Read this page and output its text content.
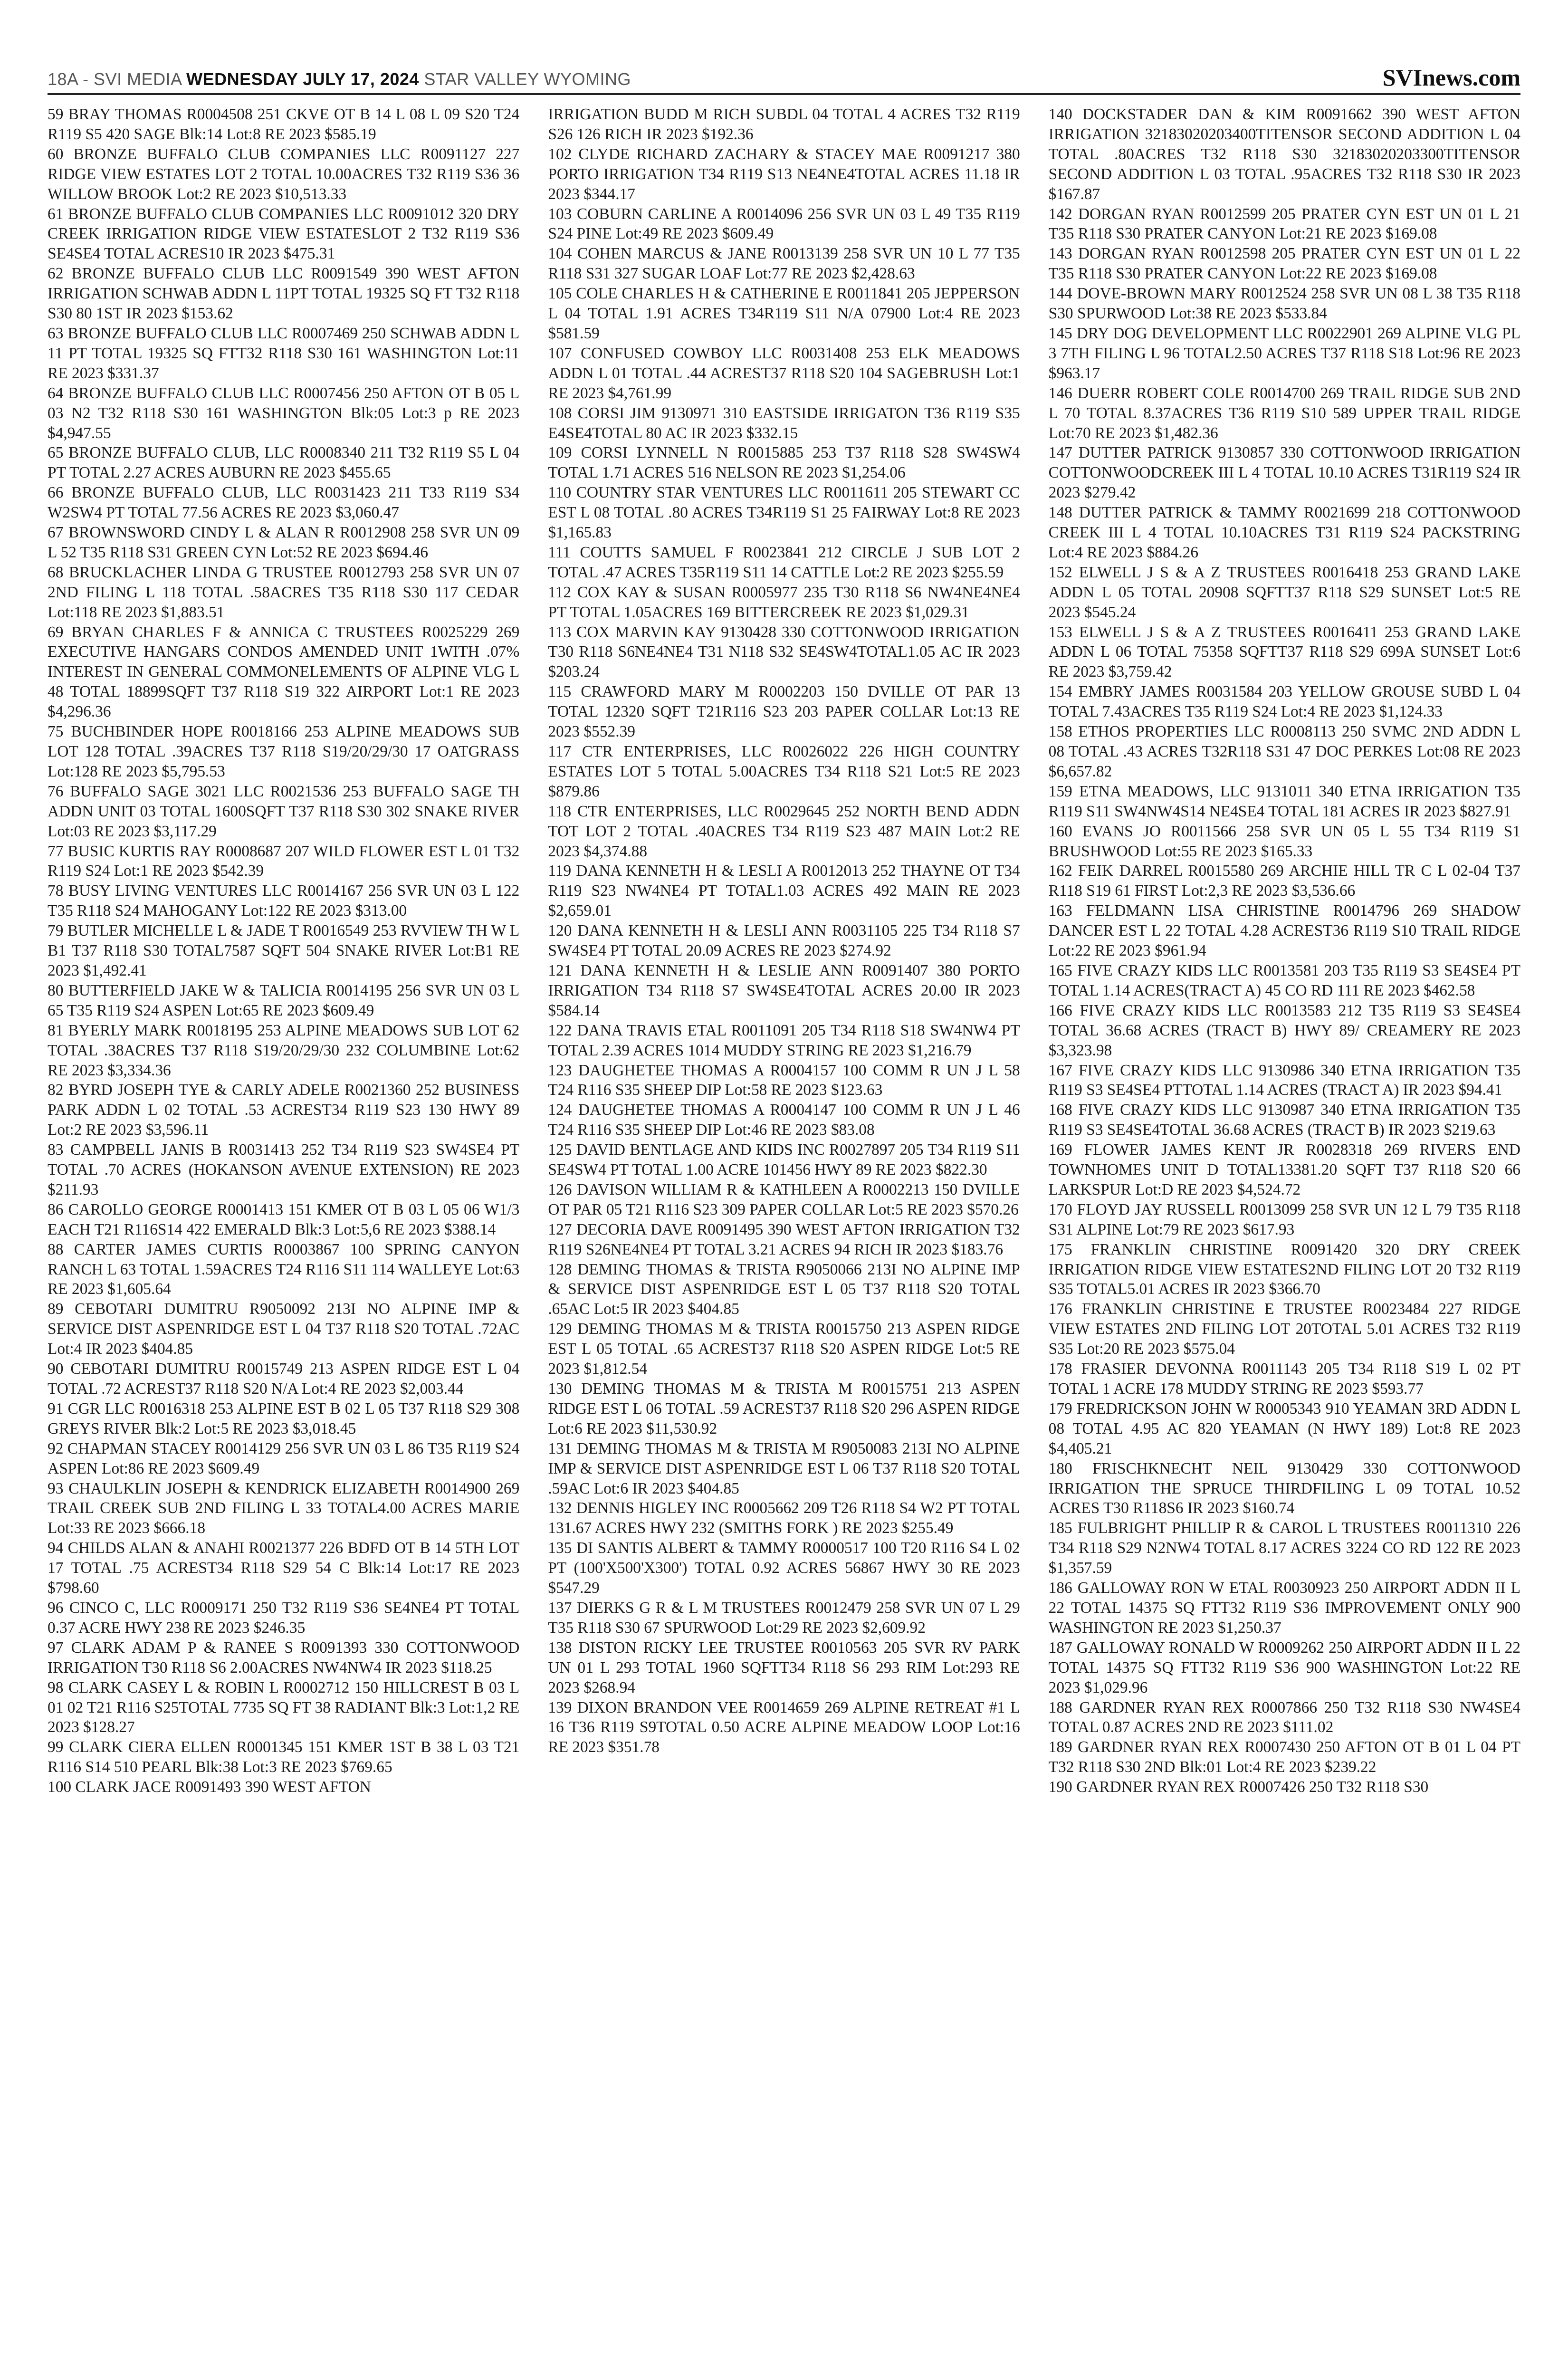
18A - SVI MEDIA WEDNESDAY JULY 17, 2024 STAR VALLEY WYOMING	SVInews.com

59 BRAY THOMAS R0004508 251 CKVE OT B 14 L 08 L 09 S20 T24 R119 S5 420 SAGE Blk:14 Lot:8 RE 2023 $585.19

60 BRONZE BUFFALO CLUB COMPANIES LLC R0091127 227 RIDGE VIEW ESTATES LOT 2 TOTAL 10.00ACRES T32 R119 S36 36 WILLOW BROOK Lot:2 RE 2023 $10,513.33

61 BRONZE BUFFALO CLUB COMPANIES LLC R0091012 320 DRY CREEK IRRIGATION RIDGE VIEW ESTATESLOT 2 T32 R119 S36 SE4SE4 TOTAL ACRES10 IR 2023 $475.31

62 BRONZE BUFFALO CLUB LLC R0091549 390 WEST AFTON IRRIGATION SCHWAB ADDN L 11PT TOTAL 19325 SQ FT T32 R118 S30 80 1ST IR 2023 $153.62

63 BRONZE BUFFALO CLUB LLC R0007469 250 SCHWAB ADDN L 11 PT TOTAL 19325 SQ FTT32 R118 S30 161 WASHINGTON Lot:11 RE 2023 $331.37

64 BRONZE BUFFALO CLUB LLC R0007456 250 AFTON OT B 05 L 03 N2 T32 R118 S30 161 WASHINGTON Blk:05 Lot:3 p RE 2023 $4,947.55

65 BRONZE BUFFALO CLUB, LLC R0008340 211 T32 R119 S5 L 04 PT TOTAL 2.27 ACRES AUBURN RE 2023 $455.65

66 BRONZE BUFFALO CLUB, LLC R0031423 211 T33 R119 S34 W2SW4 PT TOTAL 77.56 ACRES RE 2023 $3,060.47

67 BROWNSWORD CINDY L & ALAN R R0012908 258 SVR UN 09 L 52 T35 R118 S31 GREEN CYN Lot:52 RE 2023 $694.46

68 BRUCKLACHER LINDA G TRUSTEE R0012793 258 SVR UN 07 2ND FILING L 118 TOTAL .58ACRES T35 R118 S30 117 CEDAR Lot:118 RE 2023 $1,883.51

69 BRYAN CHARLES F & ANNICA C TRUSTEES R0025229 269 EXECUTIVE HANGARS CONDOS AMENDED UNIT 1WITH .07% INTEREST IN GENERAL COMMONELEMENTS OF ALPINE VLG L 48 TOTAL 18899SQFT T37 R118 S19 322 AIRPORT Lot:1 RE 2023 $4,296.36

75 BUCHBINDER HOPE R0018166 253 ALPINE MEADOWS SUB LOT 128 TOTAL .39ACRES T37 R118 S19/20/29/30 17 OATGRASS Lot:128 RE 2023 $5,795.53

76 BUFFALO SAGE 3021 LLC R0021536 253 BUFFALO SAGE TH ADDN UNIT 03 TOTAL 1600SQFT T37 R118 S30 302 SNAKE RIVER Lot:03 RE 2023 $3,117.29

77 BUSIC KURTIS RAY R0008687 207 WILD FLOWER EST L 01 T32 R119 S24 Lot:1 RE 2023 $542.39

78 BUSY LIVING VENTURES LLC R0014167 256 SVR UN 03 L 122 T35 R118 S24 MAHOGANY Lot:122 RE 2023 $313.00

79 BUTLER MICHELLE L & JADE T R0016549 253 RVVIEW TH W L B1 T37 R118 S30 TOTAL7587 SQFT 504 SNAKE RIVER Lot:B1 RE 2023 $1,492.41

80 BUTTERFIELD JAKE W & TALICIA R0014195 256 SVR UN 03 L 65 T35 R119 S24 ASPEN Lot:65 RE 2023 $609.49

81 BYERLY MARK R0018195 253 ALPINE MEADOWS SUB LOT 62 TOTAL .38ACRES T37 R118 S19/20/29/30 232 COLUMBINE Lot:62 RE 2023 $3,334.36

82 BYRD JOSEPH TYE & CARLY ADELE R0021360 252 BUSINESS PARK ADDN L 02 TOTAL .53 ACREST34 R119 S23 130 HWY 89 Lot:2 RE 2023 $3,596.11

83 CAMPBELL JANIS B R0031413 252 T34 R119 S23 SW4SE4 PT TOTAL .70 ACRES (HOKANSON AVENUE EXTENSION) RE 2023 $211.93

86 CAROLLO GEORGE R0001413 151 KMER OT B 03 L 05 06 W1/3 EACH T21 R116S14 422 EMERALD Blk:3 Lot:5,6 RE 2023 $388.14

88 CARTER JAMES CURTIS R0003867 100 SPRING CANYON RANCH L 63 TOTAL 1.59ACRES T24 R116 S11 114 WALLEYE Lot:63 RE 2023 $1,605.64

89 CEBOTARI DUMITRU R9050092 213I NO ALPINE IMP & SERVICE DIST ASPENRIDGE EST L 04 T37 R118 S20 TOTAL .72AC Lot:4 IR 2023 $404.85

90 CEBOTARI DUMITRU R0015749 213 ASPEN RIDGE EST L 04 TOTAL .72 ACREST37 R118 S20 N/A Lot:4 RE 2023 $2,003.44

91 CGR LLC R0016318 253 ALPINE EST B 02 L 05 T37 R118 S29 308 GREYS RIVER Blk:2 Lot:5 RE 2023 $3,018.45

92 CHAPMAN STACEY R0014129 256 SVR UN 03 L 86 T35 R119 S24 ASPEN Lot:86 RE 2023 $609.49

93 CHAULKLIN JOSEPH & KENDRICK ELIZABETH R0014900 269 TRAIL CREEK SUB 2ND FILING L 33 TOTAL4.00 ACRES MARIE Lot:33 RE 2023 $666.18

94 CHILDS ALAN & ANAHI R0021377 226 BDFD OT B 14 5TH LOT 17 TOTAL .75 ACREST34 R118 S29 54 C Blk:14 Lot:17 RE 2023 $798.60

96 CINCO C, LLC R0009171 250 T32 R119 S36 SE4NE4 PT TOTAL 0.37 ACRE HWY 238 RE 2023 $246.35

97 CLARK ADAM P & RANEE S R0091393 330 COTTONWOOD IRRIGATION T30 R118 S6 2.00ACRES NW4NW4 IR 2023 $118.25

98 CLARK CASEY L & ROBIN L R0002712 150 HILLCREST B 03 L 01 02 T21 R116 S25TOTAL 7735 SQ FT 38 RADIANT Blk:3 Lot:1,2 RE 2023 $128.27

99 CLARK CIERA ELLEN R0001345 151 KMER 1ST B 38 L 03 T21 R116 S14 510 PEARL Blk:38 Lot:3 RE 2023 $769.65

100 CLARK JACE R0091493 390 WEST AFTON

IRRIGATION BUDD M RICH SUBDL 04 TOTAL 4 ACRES T32 R119 S26 126 RICH IR 2023 $192.36

102 CLYDE RICHARD ZACHARY & STACEY MAE R0091217 380 PORTO IRRIGATION T34 R119 S13 NE4NE4TOTAL ACRES 11.18 IR 2023 $344.17

103 COBURN CARLINE A R0014096 256 SVR UN 03 L 49 T35 R119 S24 PINE Lot:49 RE 2023 $609.49

104 COHEN MARCUS & JANE R0013139 258 SVR UN 10 L 77 T35 R118 S31 327 SUGAR LOAF Lot:77 RE 2023 $2,428.63

105 COLE CHARLES H & CATHERINE E R0011841 205 JEPPERSON L 04 TOTAL 1.91 ACRES T34R119 S11 N/A 07900 Lot:4 RE 2023 $581.59

107 CONFUSED COWBOY LLC R0031408 253 ELK MEADOWS ADDN L 01 TOTAL .44 ACREST37 R118 S20 104 SAGEBRUSH Lot:1 RE 2023 $4,761.99

108 CORSI JIM 9130971 310 EASTSIDE IRRIGATON T36 R119 S35 E4SE4TOTAL 80 AC IR 2023 $332.15

109 CORSI LYNNELL N R0015885 253 T37 R118 S28 SW4SW4 TOTAL 1.71 ACRES 516 NELSON RE 2023 $1,254.06

110 COUNTRY STAR VENTURES LLC R0011611 205 STEWART CC EST L 08 TOTAL .80 ACRES T34R119 S1 25 FAIRWAY Lot:8 RE 2023 $1,165.83

111 COUTTS SAMUEL F R0023841 212 CIRCLE J SUB LOT 2 TOTAL .47 ACRES T35R119 S11 14 CATTLE Lot:2 RE 2023 $255.59

112 COX KAY & SUSAN R0005977 235 T30 R118 S6 NW4NE4NE4 PT TOTAL 1.05ACRES 169 BITTERCREEK RE 2023 $1,029.31

113 COX MARVIN KAY 9130428 330 COTTONWOOD IRRIGATION T30 R118 S6NE4NE4 T31 N118 S32 SE4SW4TOTAL1.05 AC IR 2023 $203.24

115 CRAWFORD MARY M R0002203 150 DVILLE OT PAR 13 TOTAL 12320 SQFT T21R116 S23 203 PAPER COLLAR Lot:13 RE 2023 $552.39

117 CTR ENTERPRISES, LLC R0026022 226 HIGH COUNTRY ESTATES LOT 5 TOTAL 5.00ACRES T34 R118 S21 Lot:5 RE 2023 $879.86

118 CTR ENTERPRISES, LLC R0029645 252 NORTH BEND ADDN TOT LOT 2 TOTAL .40ACRES T34 R119 S23 487 MAIN Lot:2 RE 2023 $4,374.88

119 DANA KENNETH H & LESLI A R0012013 252 THAYNE OT T34 R119 S23 NW4NE4 PT TOTAL1.03 ACRES 492 MAIN RE 2023 $2,659.01

120 DANA KENNETH H & LESLI ANN R0031105 225 T34 R118 S7 SW4SE4 PT TOTAL 20.09 ACRES RE 2023 $274.92

121 DANA KENNETH H & LESLIE ANN R0091407 380 PORTO IRRIGATION T34 R118 S7 SW4SE4TOTAL ACRES 20.00 IR 2023 $584.14

122 DANA TRAVIS ETAL R0011091 205 T34 R118 S18 SW4NW4 PT TOTAL 2.39 ACRES 1014 MUDDY STRING RE 2023 $1,216.79

123 DAUGHETEE THOMAS A R0004157 100 COMM R UN J L 58 T24 R116 S35 SHEEP DIP Lot:58 RE 2023 $123.63

124 DAUGHETEE THOMAS A R0004147 100 COMM R UN J L 46 T24 R116 S35 SHEEP DIP Lot:46 RE 2023 $83.08

125 DAVID BENTLAGE AND KIDS INC R0027897 205 T34 R119 S11 SE4SW4 PT TOTAL 1.00 ACRE 101456 HWY 89 RE 2023 $822.30

126 DAVISON WILLIAM R & KATHLEEN A R0002213 150 DVILLE OT PAR 05 T21 R116 S23 309 PAPER COLLAR Lot:5 RE 2023 $570.26

127 DECORIA DAVE R0091495 390 WEST AFTON IRRIGATION T32 R119 S26NE4NE4 PT TOTAL 3.21 ACRES 94 RICH IR 2023 $183.76

128 DEMING THOMAS & TRISTA R9050066 213I NO ALPINE IMP & SERVICE DIST ASPENRIDGE EST L 05 T37 R118 S20 TOTAL .65AC Lot:5 IR 2023 $404.85

129 DEMING THOMAS M & TRISTA R0015750 213 ASPEN RIDGE EST L 05 TOTAL .65 ACREST37 R118 S20 ASPEN RIDGE Lot:5 RE 2023 $1,812.54

130 DEMING THOMAS M & TRISTA M R0015751 213 ASPEN RIDGE EST L 06 TOTAL .59 ACREST37 R118 S20 296 ASPEN RIDGE Lot:6 RE 2023 $11,530.92

131 DEMING THOMAS M & TRISTA M R9050083 213I NO ALPINE IMP & SERVICE DIST ASPENRIDGE EST L 06 T37 R118 S20 TOTAL .59AC Lot:6 IR 2023 $404.85

132 DENNIS HIGLEY INC R0005662 209 T26 R118 S4 W2 PT TOTAL 131.67 ACRES HWY 232 (SMITHS FORK ) RE 2023 $255.49

135 DI SANTIS ALBERT & TAMMY R0000517 100 T20 R116 S4 L 02 PT (100'X500'X300') TOTAL 0.92 ACRES 56867 HWY 30 RE 2023 $547.29

137 DIERKS G R & L M TRUSTEES R0012479 258 SVR UN 07 L 29 T35 R118 S30 67 SPURWOOD Lot:29 RE 2023 $2,609.92

138 DISTON RICKY LEE TRUSTEE R0010563 205 SVR RV PARK UN 01 L 293 TOTAL 1960 SQFTT34 R118 S6 293 RIM Lot:293 RE 2023 $268.94

139 DIXON BRANDON VEE R0014659 269 ALPINE RETREAT #1 L 16 T36 R119 S9TOTAL 0.50 ACRE ALPINE MEADOW LOOP Lot:16 RE 2023 $351.78

140 DOCKSTADER DAN & KIM R0091662 390 WEST AFTON IRRIGATION 32183020203400TITENSOR SECOND ADDITION L 04 TOTAL .80ACRES T32 R118 S30 32183020203300TITENSOR SECOND ADDITION L 03 TOTAL .95ACRES T32 R118 S30 IR 2023 $167.87

142 DORGAN RYAN R0012599 205 PRATER CYN EST UN 01 L 21 T35 R118 S30 PRATER CANYON Lot:21 RE 2023 $169.08

143 DORGAN RYAN R0012598 205 PRATER CYN EST UN 01 L 22 T35 R118 S30 PRATER CANYON Lot:22 RE 2023 $169.08

144 DOVE-BROWN MARY R0012524 258 SVR UN 08 L 38 T35 R118 S30 SPURWOOD Lot:38 RE 2023 $533.84

145 DRY DOG DEVELOPMENT LLC R0022901 269 ALPINE VLG PL 3 7TH FILING L 96 TOTAL2.50 ACRES T37 R118 S18 Lot:96 RE 2023 $963.17

146 DUERR ROBERT COLE R0014700 269 TRAIL RIDGE SUB 2ND L 70 TOTAL 8.37ACRES T36 R119 S10 589 UPPER TRAIL RIDGE Lot:70 RE 2023 $1,482.36

147 DUTTER PATRICK 9130857 330 COTTONWOOD IRRIGATION COTTONWOODCREEK III L 4 TOTAL 10.10 ACRES T31R119 S24 IR 2023 $279.42

148 DUTTER PATRICK & TAMMY R0021699 218 COTTONWOOD CREEK III L 4 TOTAL 10.10ACRES T31 R119 S24 PACKSTRING Lot:4 RE 2023 $884.26

152 ELWELL J S & A Z TRUSTEES R0016418 253 GRAND LAKE ADDN L 05 TOTAL 20908 SQFTT37 R118 S29 SUNSET Lot:5 RE 2023 $545.24

153 ELWELL J S & A Z TRUSTEES R0016411 253 GRAND LAKE ADDN L 06 TOTAL 75358 SQFTT37 R118 S29 699A SUNSET Lot:6 RE 2023 $3,759.42

154 EMBRY JAMES R0031584 203 YELLOW GROUSE SUBD L 04 TOTAL 7.43ACRES T35 R119 S24 Lot:4 RE 2023 $1,124.33

158 ETHOS PROPERTIES LLC R0008113 250 SVMC 2ND ADDN L 08 TOTAL .43 ACRES T32R118 S31 47 DOC PERKES Lot:08 RE 2023 $6,657.82

159 ETNA MEADOWS, LLC 9131011 340 ETNA IRRIGATION T35 R119 S11 SW4NW4S14 NE4SE4 TOTAL 181 ACRES IR 2023 $827.91

160 EVANS JO R0011566 258 SVR UN 05 L 55 T34 R119 S1 BRUSHWOOD Lot:55 RE 2023 $165.33

162 FEIK DARREL R0015580 269 ARCHIE HILL TR C L 02-04 T37 R118 S19 61 FIRST Lot:2,3 RE 2023 $3,536.66

163 FELDMANN LISA CHRISTINE R0014796 269 SHADOW DANCER EST L 22 TOTAL 4.28 ACREST36 R119 S10 TRAIL RIDGE Lot:22 RE 2023 $961.94

165 FIVE CRAZY KIDS LLC R0013581 203 T35 R119 S3 SE4SE4 PT TOTAL 1.14 ACRES(TRACT A) 45 CO RD 111 RE 2023 $462.58

166 FIVE CRAZY KIDS LLC R0013583 212 T35 R119 S3 SE4SE4 TOTAL 36.68 ACRES (TRACT B) HWY 89/ CREAMERY RE 2023 $3,323.98

167 FIVE CRAZY KIDS LLC 9130986 340 ETNA IRRIGATION T35 R119 S3 SE4SE4 PTTOTAL 1.14 ACRES (TRACT A) IR 2023 $94.41

168 FIVE CRAZY KIDS LLC 9130987 340 ETNA IRRIGATION T35 R119 S3 SE4SE4TOTAL 36.68 ACRES (TRACT B) IR 2023 $219.63

169 FLOWER JAMES KENT JR R0028318 269 RIVERS END TOWNHOMES UNIT D TOTAL13381.20 SQFT T37 R118 S20 66 LARKSPUR Lot:D RE 2023 $4,524.72

170 FLOYD JAY RUSSELL R0013099 258 SVR UN 12 L 79 T35 R118 S31 ALPINE Lot:79 RE 2023 $617.93

175 FRANKLIN CHRISTINE R0091420 320 DRY CREEK IRRIGATION RIDGE VIEW ESTATES2ND FILING LOT 20 T32 R119 S35 TOTAL5.01 ACRES IR 2023 $366.70

176 FRANKLIN CHRISTINE E TRUSTEE R0023484 227 RIDGE VIEW ESTATES 2ND FILING LOT 20TOTAL 5.01 ACRES T32 R119 S35 Lot:20 RE 2023 $575.04

178 FRASIER DEVONNA R0011143 205 T34 R118 S19 L 02 PT TOTAL 1 ACRE 178 MUDDY STRING RE 2023 $593.77

179 FREDRICKSON JOHN W R0005343 910 YEAMAN 3RD ADDN L 08 TOTAL 4.95 AC 820 YEAMAN (N HWY 189) Lot:8 RE 2023 $4,405.21

180 FRISCHKNECHT NEIL 9130429 330 COTTONWOOD IRRIGATION THE SPRUCE THIRDFILING L 09 TOTAL 10.52 ACRES T30 R118S6 IR 2023 $160.74

185 FULBRIGHT PHILLIP R & CAROL L TRUSTEES R0011310 226 T34 R118 S29 N2NW4 TOTAL 8.17 ACRES 3224 CO RD 122 RE 2023 $1,357.59

186 GALLOWAY RON W ETAL R0030923 250 AIRPORT ADDN II L 22 TOTAL 14375 SQ FTT32 R119 S36 IMPROVEMENT ONLY 900 WASHINGTON RE 2023 $1,250.37

187 GALLOWAY RONALD W R0009262 250 AIRPORT ADDN II L 22 TOTAL 14375 SQ FTT32 R119 S36 900 WASHINGTON Lot:22 RE 2023 $1,029.96

188 GARDNER RYAN REX R0007866 250 T32 R118 S30 NW4SE4 TOTAL 0.87 ACRES 2ND RE 2023 $111.02

189 GARDNER RYAN REX R0007430 250 AFTON OT B 01 L 04 PT T32 R118 S30 2ND Blk:01 Lot:4 RE 2023 $239.22

190 GARDNER RYAN REX R0007426 250 T32 R118 S30
